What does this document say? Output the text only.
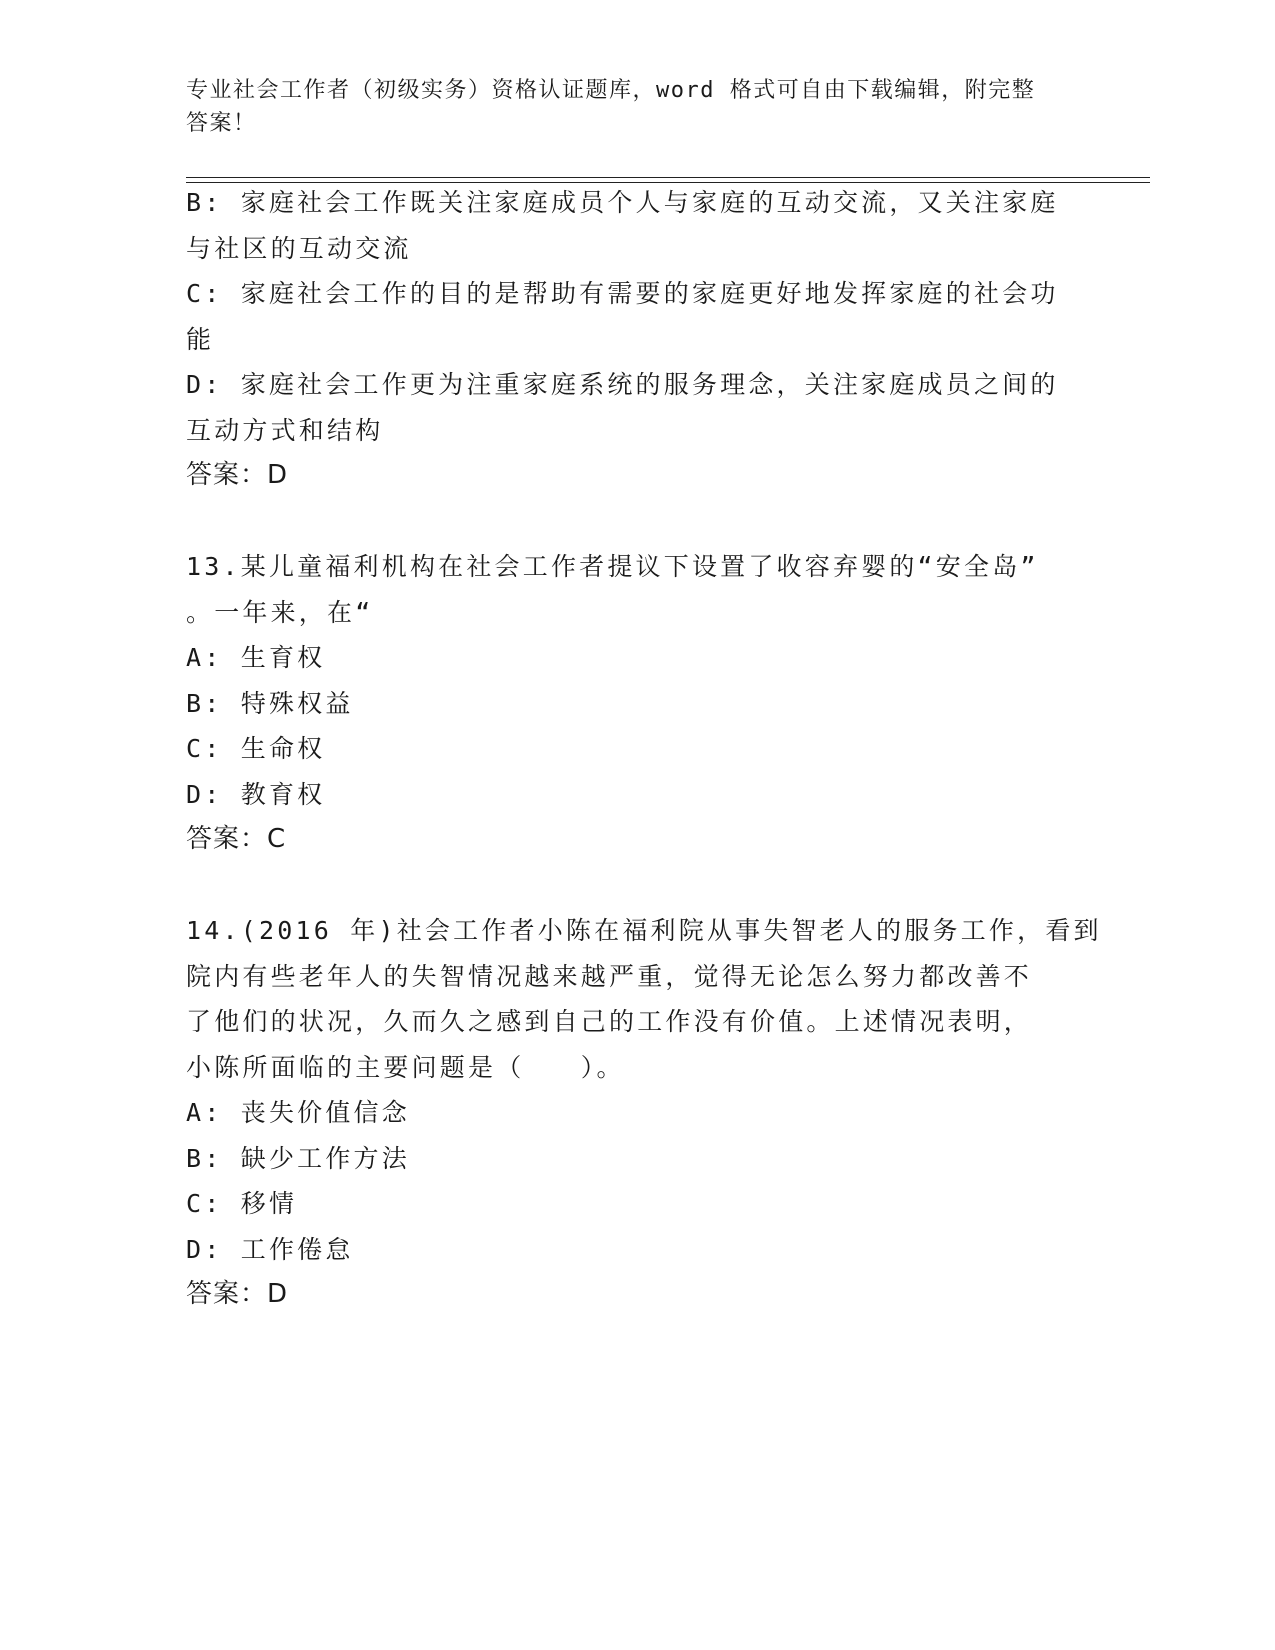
专业社会工作者（初级实务）资格认证题库，word 格式可自由下载编辑，附完整
答案！
B: 家庭社会工作既关注家庭成员个人与家庭的互动交流，又关注家庭
与社区的互动交流
C: 家庭社会工作的目的是帮助有需要的家庭更好地发挥家庭的社会功
能
D: 家庭社会工作更为注重家庭系统的服务理念，关注家庭成员之间的
互动方式和结构
答案：D
13.某儿童福利机构在社会工作者提议下设置了收容弃婴的“安全岛”
。一年来，在“
A: 生育权
B: 特殊权益
C: 生命权
D: 教育权
答案：C
14.(2016 年)社会工作者小陈在福利院从事失智老人的服务工作，看到
院内有些老年人的失智情况越来越严重，觉得无论怎么努力都改善不
了他们的状况，久而久之感到自己的工作没有价值。上述情况表明，
小陈所面临的主要问题是（　　）。
A: 丧失价值信念
B: 缺少工作方法
C: 移情
D: 工作倦怠
答案：D
